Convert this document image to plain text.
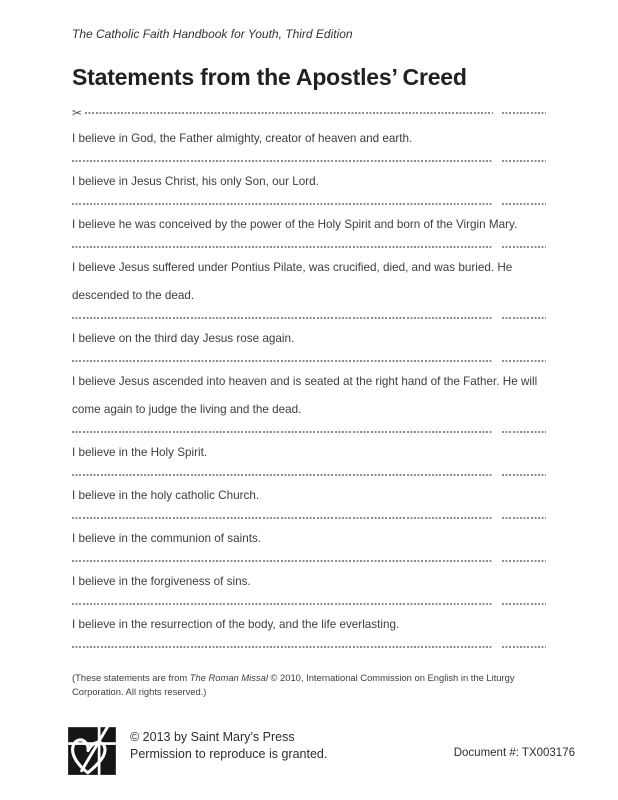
The Catholic Faith Handbook for Youth, Third Edition

Statements from the Apostles’ Creed
✂

I believe in God, the Father almighty, creator of heaven and earth.

I believe in Jesus Christ, his only Son, our Lord.

I believe he was conceived by the power of the Holy Spirit and born of the Virgin Mary.

I believe Jesus suffered under Pontius Pilate, was crucified, died, and was buried. He descended to the dead.

I believe on the third day Jesus rose again.

I believe Jesus ascended into heaven and is seated at the right hand of the Father. He will come again to judge the living and the dead.

I believe in the Holy Spirit.

I believe in the holy catholic Church.

I believe in the communion of saints.

I believe in the forgiveness of sins.

I believe in the resurrection of the body, and the life everlasting.

(These statements are from The Roman Missal © 2010, International Commission on English in the Liturgy Corporation. All rights reserved.)

© 2013 by Saint Mary’s Press
Permission to reproduce is granted.	Document #: TX003176
